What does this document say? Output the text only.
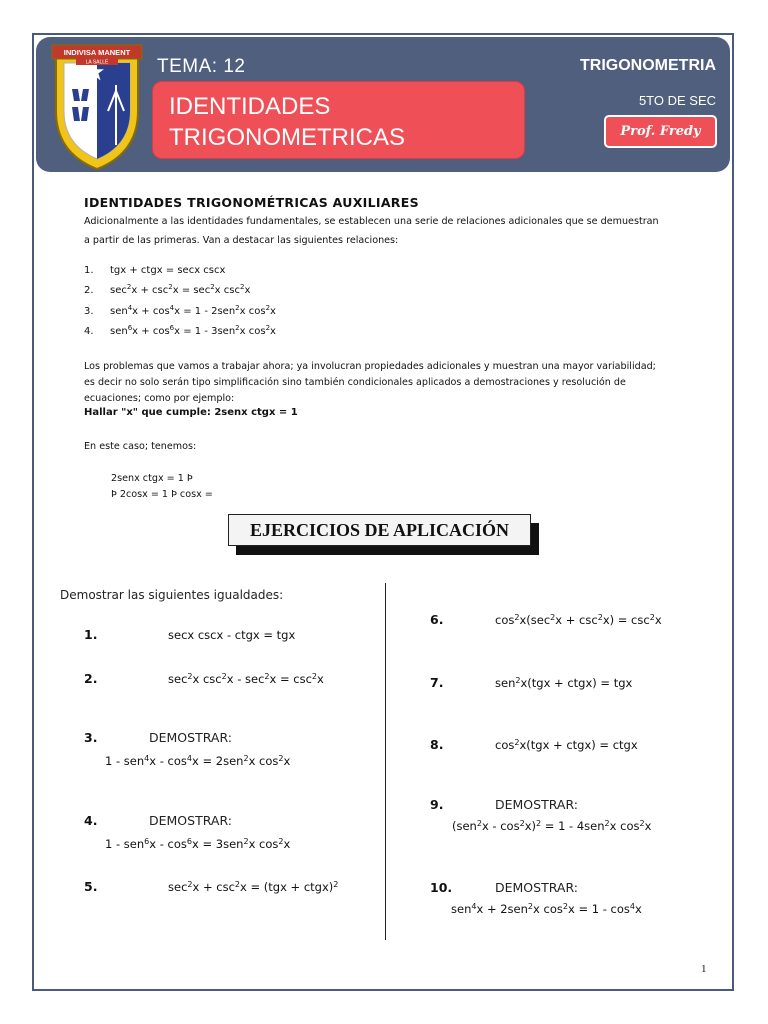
INDIVISA MANENT
LA SALLE	TEMA: 12
IDENTIDADES
TRIGONOMETRICAS
TRIGONOMETRIA
5TO DE SEC
Prof. Fredy
IDENTIDADES TRIGONOMÉTRICAS AUXILIARES
Adicionalmente a las identidades fundamentales, se establecen una serie de relaciones adicionales que se demuestran
a partir de las primeras. Van a destacar las siguientes relaciones:
1. tgx + ctgx = secx cscx
2. $\sec^2x + \csc^2x = \sec^2x$ $\csc^2x$
3. $sen^4x + \cos^4x = 1 - 2sen^2x$ $\cos^2x$
4. $sen^6x + \cos^6x = 1 - 3sen^2x$ $\cos^2x$
Los problemas que vamos a trabajar ahora; ya involucran propiedades adicionales y muestran una mayor variabilidad;
es decir no solo serán tipo simplificación sino también condicionales aplicados a demostraciones y resolución de
ecuaciones; como por ejemplo:
Hallar "x" que cumple: 2senx ctgx = 1
En este caso; tenemos:
2senx ctgx = 1 Þ
Þ 2cosx = 1 Þ cosx =
EJERCICIOS DE APLICACIÓN
Demostrar las siguientes igualdades:
1.	secx cscx - ctgx = tgx
2.	$\sec^2x$ $\csc^2x - \sec^2x = \csc^2x$
3.	DEMOSTRAR:
$1 - sen^4x - \cos^4x = 2sen^2x$ $\cos^2x$
4.	DEMOSTRAR:
$1 - sen^6x - \cos^6x = 3sen^2x$ $\cos^2x$
5.	$\sec^2x + \csc^2x = (tgx$ + ctgx)$^2$
6.	$\cos^2x(\sec^2x + \csc^2x) = \csc^2x$
7.	sen$^2$x(tgx + ctgx) = tgx
8.	$\cos^2x(tgx$ + ctgx) = ctgx
9.	DEMOSTRAR:
$(sen^2x - \cos^2x)^2 = 1 - 4sen^2x$ $\cos^2x$
10.	DEMOSTRAR:
sen$^4$x + 2sen$^2$x $\cos^2x = 1 - \cos^4x$
1
